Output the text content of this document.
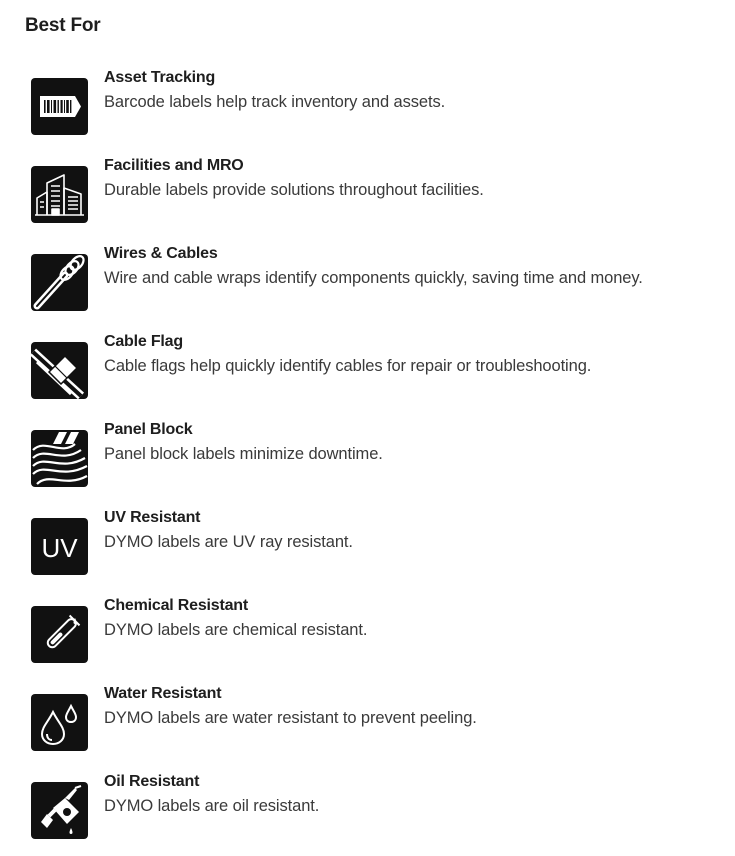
Best For
Asset Tracking
Barcode labels help track inventory and assets.
Facilities and MRO
Durable labels provide solutions throughout facilities.
Wires & Cables
Wire and cable wraps identify components quickly, saving time and money.
Cable Flag
Cable flags help quickly identify cables for repair or troubleshooting.
Panel Block
Panel block labels minimize downtime.
UV
UV Resistant
DYMO labels are UV ray resistant.
Chemical Resistant
DYMO labels are chemical resistant.
Water Resistant
DYMO labels are water resistant to prevent peeling.
Oil Resistant
DYMO labels are oil resistant.
